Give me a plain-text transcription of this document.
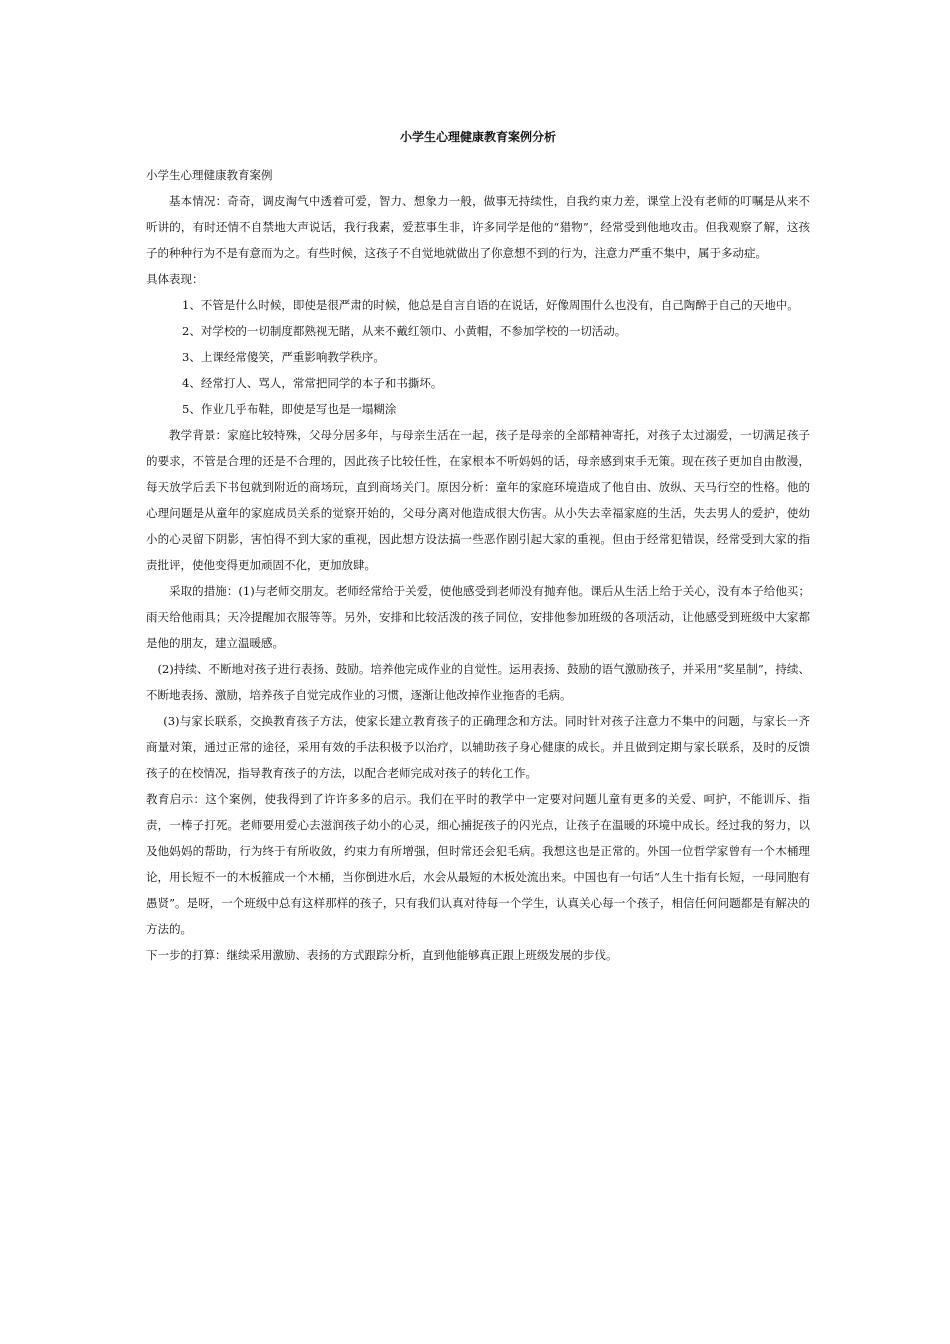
小学生心理健康教育案例分析

小学生心理健康教育案例

基本情况：奇奇，调皮淘气中透着可爱，智力、想象力一般，做事无持续性，自我约束力差，课堂上没有老师的叮嘱是从来不听讲的，有时还情不自禁地大声说话，我行我素，爱惹事生非，许多同学是他的“猎物”，经常受到他地攻击。但我观察了解，这孩子的种种行为不是有意而为之。有些时候，这孩子不自觉地就做出了你意想不到的行为，注意力严重不集中，属于多动症。

具体表现：

1、不管是什么时候，即使是很严肃的时候，他总是自言自语的在说话，好像周围什么也没有，自己陶醉于自己的天地中。

2、对学校的一切制度都熟视无睹，从来不戴红领巾、小黄帽，不参加学校的一切活动。

3、上课经常傻笑，严重影响教学秩序。

4、经常打人、骂人，常常把同学的本子和书撕坏。

5、作业几乎布鞋，即使是写也是一塌糊涂

教学背景：家庭比较特殊，父母分居多年，与母亲生活在一起，孩子是母亲的全部精神寄托，对孩子太过溺爱，一切满足孩子的要求，不管是合理的还是不合理的，因此孩子比较任性，在家根本不听妈妈的话，母亲感到束手无策。现在孩子更加自由散漫，每天放学后丢下书包就到附近的商场玩，直到商场关门。原因分析：童年的家庭环境造成了他自由、放纵、天马行空的性格。他的心理问题是从童年的家庭成员关系的觉察开始的，父母分离对他造成很大伤害。从小失去幸福家庭的生活，失去男人的爱护，使幼小的心灵留下阴影，害怕得不到大家的重视，因此想方设法搞一些恶作剧引起大家的重视。但由于经常犯错误，经常受到大家的指责批评，使他变得更加顽固不化，更加放肆。

采取的措施：(1)与老师交朋友。老师经常给于关爱，使他感受到老师没有抛弃他。课后从生活上给于关心，没有本子给他买；雨天给他雨具；天冷提醒加衣服等等。另外，安排和比较活泼的孩子同位，安排他参加班级的各项活动，让他感受到班级中大家都是他的朋友，建立温暖感。

(2)持续、不断地对孩子进行表扬、鼓励。培养他完成作业的自觉性。运用表扬、鼓励的语气激励孩子，并采用“奖星制”，持续、不断地表扬、激励，培养孩子自觉完成作业的习惯，逐渐让他改掉作业拖沓的毛病。

(3)与家长联系，交换教育孩子方法，使家长建立教育孩子的正确理念和方法。同时针对孩子注意力不集中的问题，与家长一齐商量对策，通过正常的途径，采用有效的手法积极予以治疗，以辅助孩子身心健康的成长。并且做到定期与家长联系，及时的反馈孩子的在校情况，指导教育孩子的方法，以配合老师完成对孩子的转化工作。

教育启示：这个案例，使我得到了许许多多的启示。我们在平时的教学中一定要对问题儿童有更多的关爱、呵护，不能训斥、指责，一棒子打死。老师要用爱心去滋润孩子幼小的心灵，细心捕捉孩子的闪光点，让孩子在温暖的环境中成长。经过我的努力，以及他妈妈的帮助，行为终于有所收敛，约束力有所增强，但时常还会犯毛病。我想这也是正常的。外国一位哲学家曾有一个木桶理论，用长短不一的木板箍成一个木桶，当你倒进水后，水会从最短的木板处流出来。中国也有一句话“人生十指有长短，一母同胞有愚贤”。是呀，一个班级中总有这样那样的孩子，只有我们认真对待每一个学生，认真关心每一个孩子，相信任何问题都是有解决的方法的。

下一步的打算：继续采用激励、表扬的方式跟踪分析，直到他能够真正跟上班级发展的步伐。
